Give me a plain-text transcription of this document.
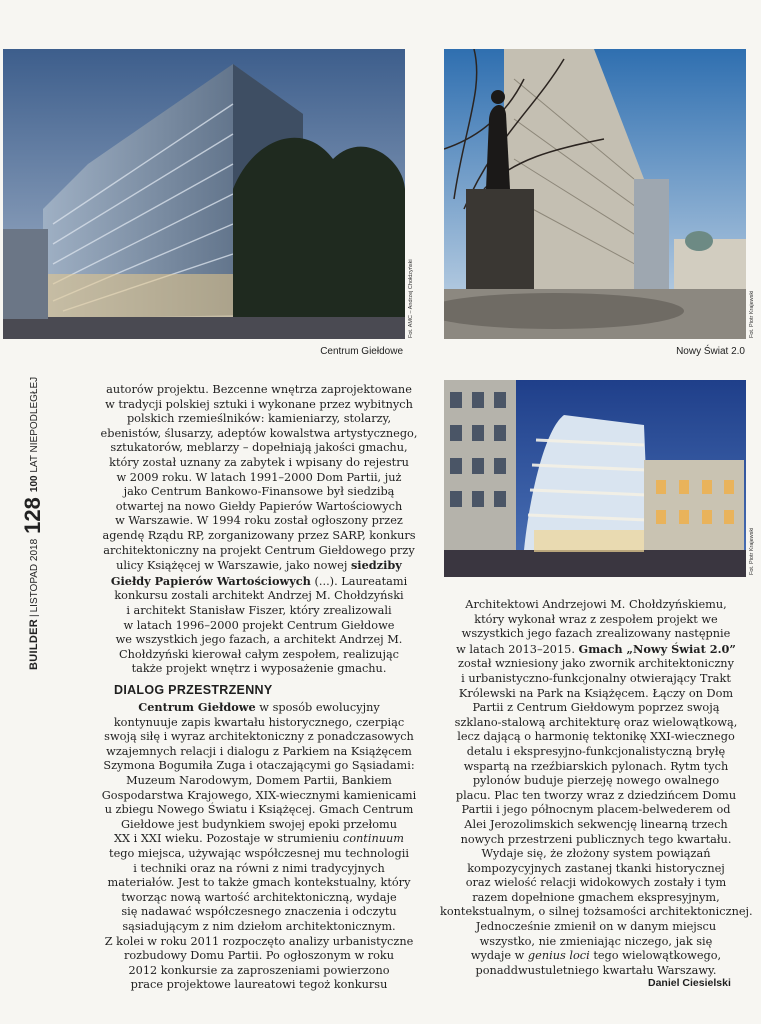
BUILDER|LISTOPAD 2018128100 LAT NIEPODLEGŁEJ
Fot. AMC – Andrzej Chołdzyński
Centrum Giełdowe
Fot. Piotr Krajewski
Nowy Świat 2.0
Fot. Piotr Krajewski
autorów projektu. Bezcenne wnętrza zaprojektowane
w tradycji polskiej sztuki i wykonane przez wybitnych
polskich rzemieślników: kamieniarzy, stolarzy,
ebenistów, ślusarzy, adeptów kowalstwa artystycznego,
sztukatorów, meblarzy – dopełniają jakości gmachu,
który został uznany za zabytek i wpisany do rejestru
w 2009 roku. W latach 1991–2000 Dom Partii, już
jako Centrum Bankowo-Finansowe był siedzibą
otwartej na nowo Giełdy Papierów Wartościowych
w Warszawie. W 1994 roku został ogłoszony przez
agendę Rządu RP, zorganizowany przez SARP, konkurs
architektoniczny na projekt Centrum Giełdowego przy
ulicy Książęcej w Warszawie, jako nowej siedziby
Giełdy Papierów Wartościowych (...). Laureatami
konkursu zostali architekt Andrzej M. Chołdzyński
i architekt Stanisław Fiszer, który zrealizowali
w latach 1996–2000 projekt Centrum Giełdowe
we wszystkich jego fazach, a architekt Andrzej M.
Chołdzyński kierował całym zespołem, realizując
także projekt wnętrz i wyposażenie gmachu.
DIALOG PRZESTRZENNY
Centrum Giełdowe w sposób ewolucyjny
kontynuuje zapis kwartału historycznego, czerpiąc
swoją siłę i wyraz architektoniczny z ponadczasowych
wzajemnych relacji i dialogu z Parkiem na Książęcem
Szymona Bogumiła Zuga i otaczającymi go Sąsiadami:
Muzeum Narodowym, Domem Partii, Bankiem
Gospodarstwa Krajowego, XIX-wiecznymi kamienicami
u zbiegu Nowego Światu i Książęcej. Gmach Centrum
Giełdowe jest budynkiem swojej epoki przełomu
XX i XXI wieku. Pozostaje w strumieniu continuum
tego miejsca, używając współczesnej mu technologii
i techniki oraz na równi z nimi tradycyjnych
materiałów. Jest to także gmach kontekstualny, który
tworząc nową wartość architektoniczną, wydaje
się nadawać współczesnego znaczenia i odczytu
sąsiadującym z nim dziełom architektonicznym.
Z kolei w roku 2011 rozpoczęto analizy urbanistyczne
rozbudowy Domu Partii. Po ogłoszonym w roku
2012 konkursie za zaproszeniami powierzono
prace projektowe laureatowi tegoż konkursu
Architektowi Andrzejowi M. Chołdzyńskiemu,
który wykonał wraz z zespołem projekt we
wszystkich jego fazach zrealizowany następnie
w latach 2013–2015. Gmach „Nowy Świat 2.0”
został wzniesiony jako zwornik architektoniczny
i urbanistyczno-funkcjonalny otwierający Trakt
Królewski na Park na Książęcem. Łączy on Dom
Partii z Centrum Giełdowym poprzez swoją
szklano-stalową architekturę oraz wielowątkową,
lecz dającą o harmonię tektonikę XXI-wiecznego
detalu i ekspresyjno-funkcjonalistyczną bryłę
wspartą na rzeźbiarskich pylonach. Rytm tych
pylonów buduje pierzeję nowego owalnego
placu. Plac ten tworzy wraz z dziedzińcem Domu
Partii i jego północnym placem-belwederem od
Alei Jerozolimskich sekwencję linearną trzech
nowych przestrzeni publicznych tego kwartału.
Wydaje się, że złożony system powiązań
kompozycyjnych zastanej tkanki historycznej
oraz wielość relacji widokowych zostały i tym
razem dopełnione gmachem ekspresyjnym,
kontekstualnym, o silnej tożsamości architektonicznej.
Jednocześnie zmienił on w danym miejscu
wszystko, nie zmieniając niczego, jak się
wydaje w genius loci tego wielowątkowego,
ponaddwustuletniego kwartału Warszawy.
Daniel Ciesielski
